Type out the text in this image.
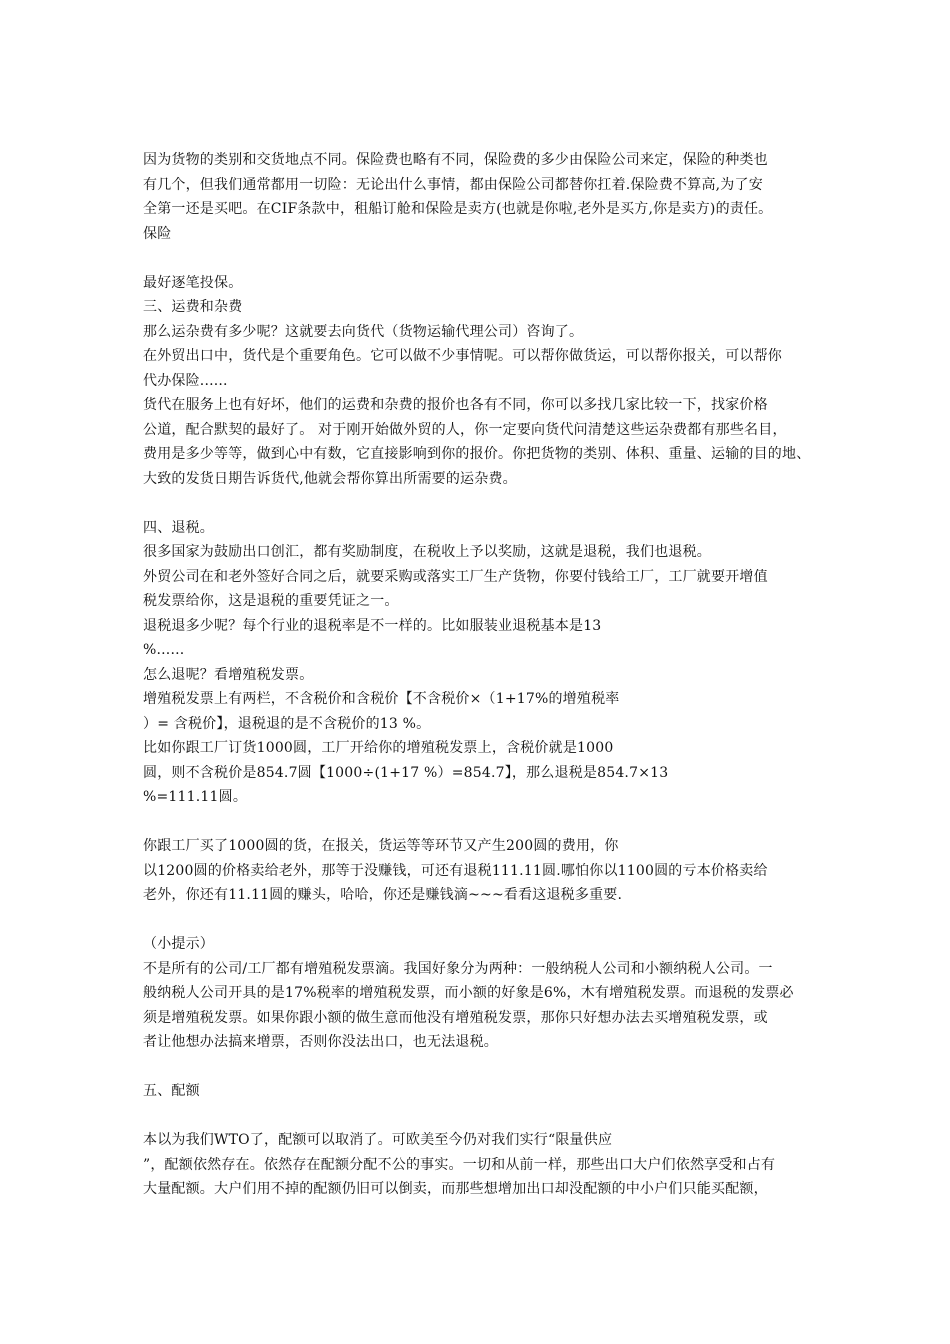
因为货物的类别和交货地点不同。保险费也略有不同，保险费的多少由保险公司来定，保险的种类也
有几个，但我们通常都用一切险：无论出什么事情，都由保险公司都替你扛着.保险费不算高,为了安
全第一还是买吧。在CIF条款中，租船订舱和保险是卖方(也就是你啦,老外是买方,你是卖方)的责任。
保险
最好逐笔投保。
三、运费和杂费
那么运杂费有多少呢？这就要去向货代（货物运输代理公司）咨询了。
在外贸出口中，货代是个重要角色。它可以做不少事情呢。可以帮你做货运，可以帮你报关，可以帮你
代办保险......
货代在服务上也有好坏，他们的运费和杂费的报价也各有不同，你可以多找几家比较一下，找家价格
公道，配合默契的最好了。 对于刚开始做外贸的人，你一定要向货代问清楚这些运杂费都有那些名目，
费用是多少等等，做到心中有数，它直接影响到你的报价。你把货物的类别、体积、重量、运输的目的地、
大致的发货日期告诉货代,他就会帮你算出所需要的运杂费。
四、退税。
很多国家为鼓励出口创汇，都有奖励制度，在税收上予以奖励，这就是退税，我们也退税。
外贸公司在和老外签好合同之后，就要采购或落实工厂生产货物，你要付钱给工厂，工厂就要开增值
税发票给你，这是退税的重要凭证之一。
退税退多少呢？每个行业的退税率是不一样的。比如服装业退税基本是13
%......
怎么退呢？看增殖税发票。
增殖税发票上有两栏，不含税价和含税价【不含税价×（1+17%的增殖税率
）= 含税价】，退税退的是不含税价的13 %。
比如你跟工厂订货1000圆，工厂开给你的增殖税发票上，含税价就是1000
圆，则不含税价是854.7圆【1000÷(1+17 %）=854.7】，那么退税是854.7×13
%=111.11圆。
你跟工厂买了1000圆的货，在报关，货运等等环节又产生200圆的费用，你
以1200圆的价格卖给老外，那等于没赚钱，可还有退税111.11圆.哪怕你以1100圆的亏本价格卖给
老外，你还有11.11圆的赚头，哈哈，你还是赚钱滴~~~看看这退税多重要.
（小提示）
不是所有的公司/工厂都有增殖税发票滴。我国好象分为两种：一般纳税人公司和小额纳税人公司。一
般纳税人公司开具的是17%税率的增殖税发票，而小额的好象是6%，木有增殖税发票。而退税的发票必
须是增殖税发票。如果你跟小额的做生意而他没有增殖税发票，那你只好想办法去买增殖税发票，或
者让他想办法搞来增票，否则你没法出口，也无法退税。
五、配额
本以为我们WTO了，配额可以取消了。可欧美至今仍对我们实行“限量供应
”，配额依然存在。依然存在配额分配不公的事实。一切和从前一样，那些出口大户们依然享受和占有
大量配额。大户们用不掉的配额仍旧可以倒卖，而那些想增加出口却没配额的中小户们只能买配额，
